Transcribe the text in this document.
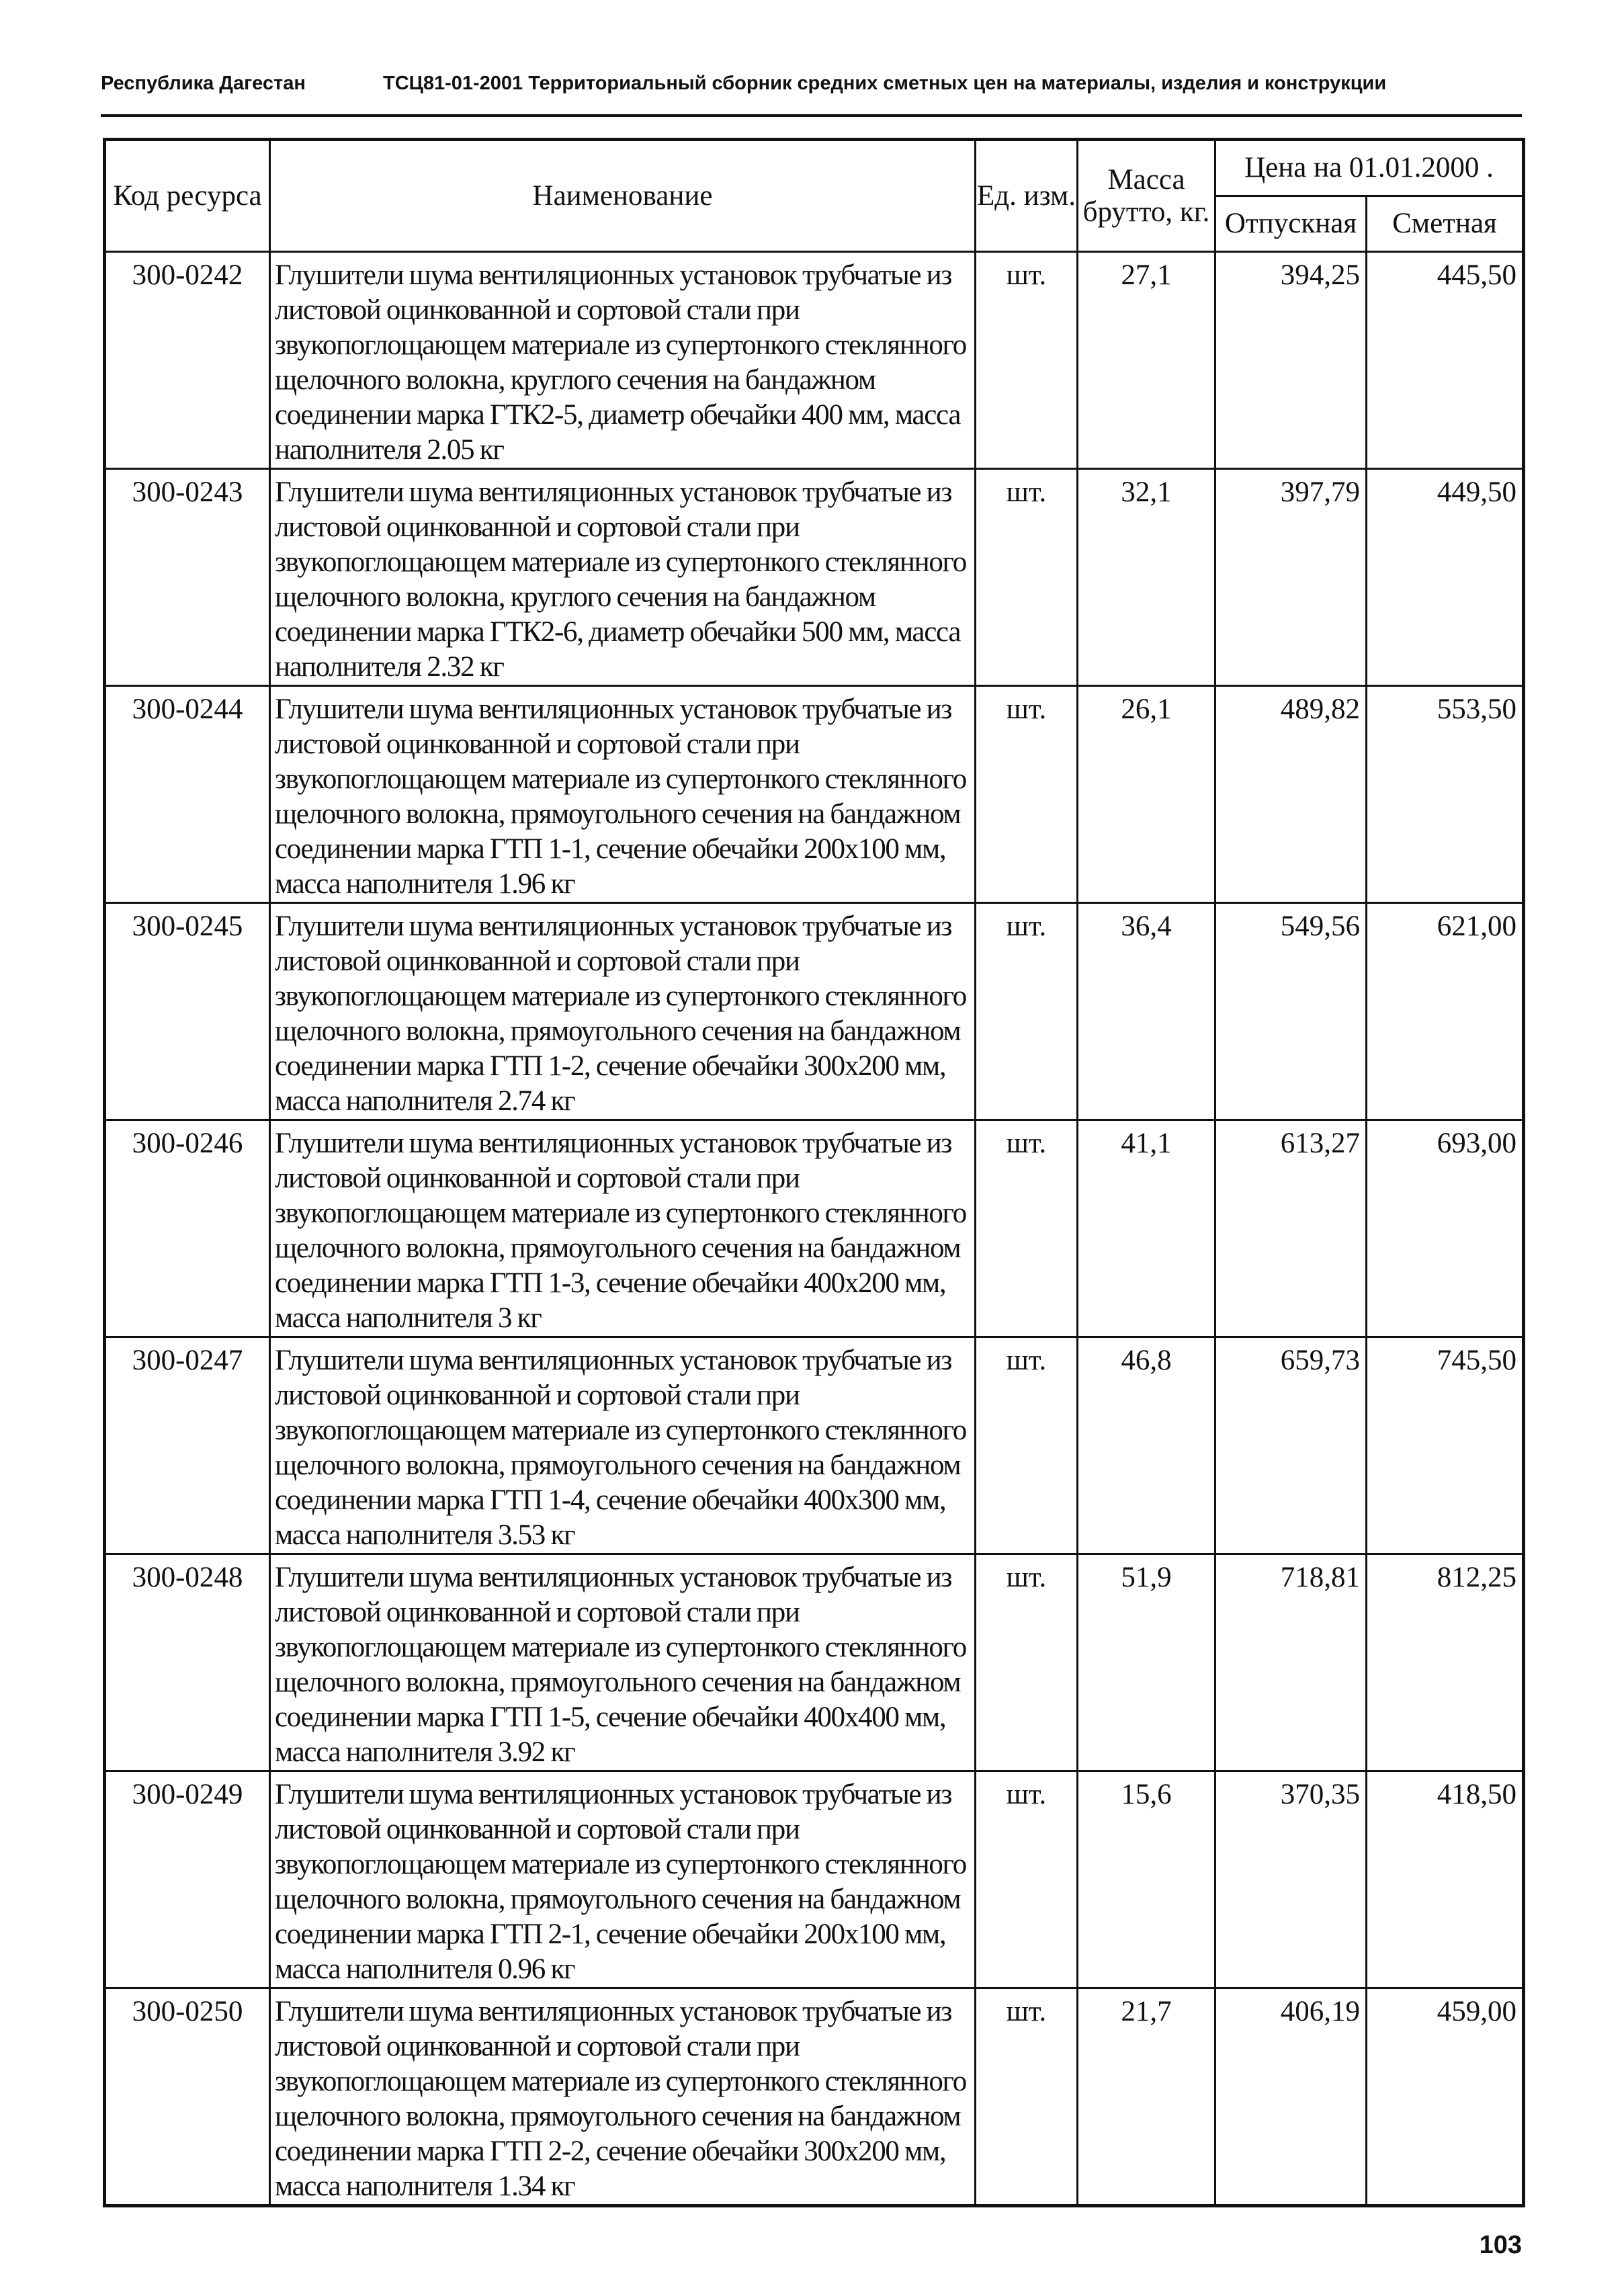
Республика Дагестан	ТСЦ81-01-2001 Территориальный сборник средних сметных цен на материалы, изделия и конструкции
Код ресурса	Наименование	Ед. изм.	Масса брутто, кг.	Цена на 01.01.2000 .	
				Отпускная	Сметная
300-0242	Глушители шума вентиляционных установок трубчатые из листовой оцинкованной и сортовой стали при звукопоглощающем материале из супертонкого стеклянного щелочного волокна, круглого сечения на бандажном соединении марка ГТК2-5, диаметр обечайки 400 мм, масса наполнителя 2.05 кг	шт.	27,1	394,25	445,50
300-0243	Глушители шума вентиляционных установок трубчатые из листовой оцинкованной и сортовой стали при звукопоглощающем материале из супертонкого стеклянного щелочного волокна, круглого сечения на бандажном соединении марка ГТК2-6, диаметр обечайки 500 мм, масса наполнителя 2.32 кг	шт.	32,1	397,79	449,50
300-0244	Глушители шума вентиляционных установок трубчатые из листовой оцинкованной и сортовой стали при звукопоглощающем материале из супертонкого стеклянного щелочного волокна, прямоугольного сечения на бандажном соединении марка ГТП 1-1, сечение обечайки 200х100 мм, масса наполнителя 1.96 кг	шт.	26,1	489,82	553,50
300-0245	Глушители шума вентиляционных установок трубчатые из листовой оцинкованной и сортовой стали при звукопоглощающем материале из супертонкого стеклянного щелочного волокна, прямоугольного сечения на бандажном соединении марка ГТП 1-2, сечение обечайки 300х200 мм, масса наполнителя 2.74 кг	шт.	36,4	549,56	621,00
300-0246	Глушители шума вентиляционных установок трубчатые из листовой оцинкованной и сортовой стали при звукопоглощающем материале из супертонкого стеклянного щелочного волокна, прямоугольного сечения на бандажном соединении марка ГТП 1-3, сечение обечайки 400х200 мм, масса наполнителя 3 кг	шт.	41,1	613,27	693,00
300-0247	Глушители шума вентиляционных установок трубчатые из листовой оцинкованной и сортовой стали при звукопоглощающем материале из супертонкого стеклянного щелочного волокна, прямоугольного сечения на бандажном соединении марка ГТП 1-4, сечение обечайки 400х300 мм, масса наполнителя 3.53 кг	шт.	46,8	659,73	745,50
300-0248	Глушители шума вентиляционных установок трубчатые из листовой оцинкованной и сортовой стали при звукопоглощающем материале из супертонкого стеклянного щелочного волокна, прямоугольного сечения на бандажном соединении марка ГТП 1-5, сечение обечайки 400х400 мм, масса наполнителя 3.92 кг	шт.	51,9	718,81	812,25
300-0249	Глушители шума вентиляционных установок трубчатые из листовой оцинкованной и сортовой стали при звукопоглощающем материале из супертонкого стеклянного щелочного волокна, прямоугольного сечения на бандажном соединении марка ГТП 2-1, сечение обечайки 200х100 мм, масса наполнителя 0.96 кг	шт.	15,6	370,35	418,50
300-0250	Глушители шума вентиляционных установок трубчатые из листовой оцинкованной и сортовой стали при звукопоглощающем материале из супертонкого стеклянного щелочного волокна, прямоугольного сечения на бандажном соединении марка ГТП 2-2, сечение обечайки 300х200 мм, масса наполнителя 1.34 кг	шт.	21,7	406,19	459,00
103
